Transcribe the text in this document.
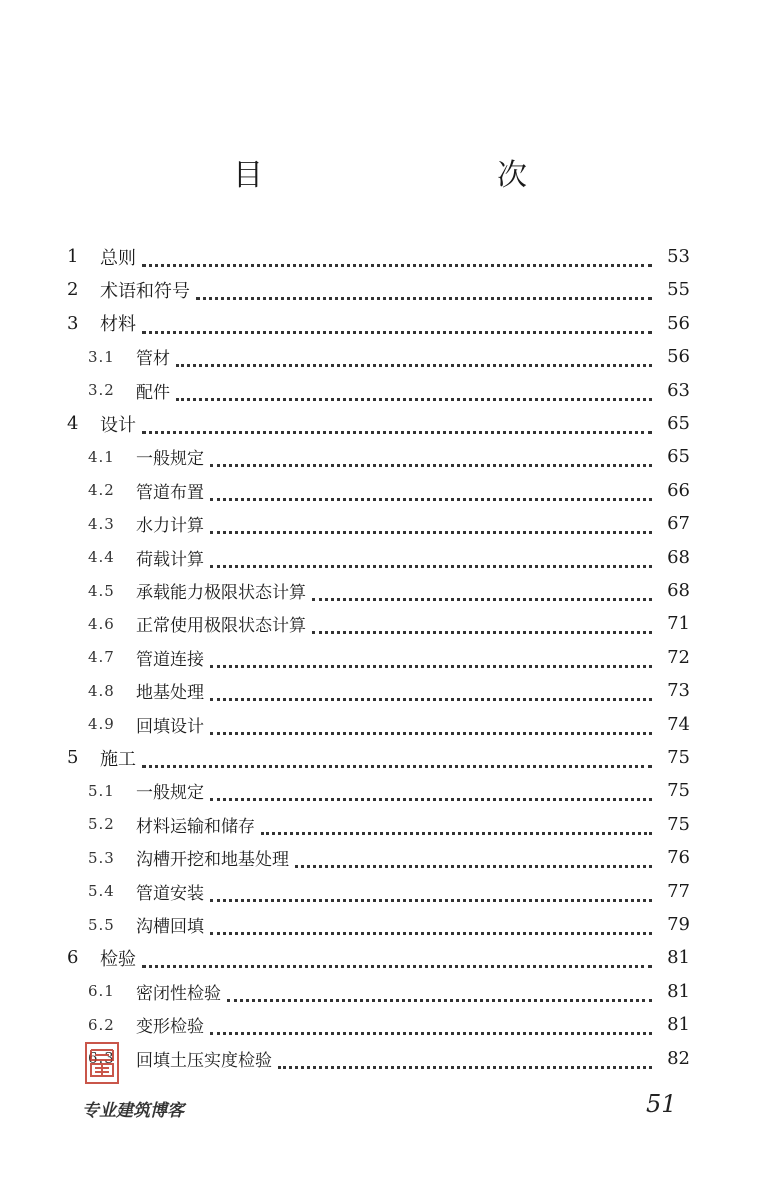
目　　次
1 总则	53
2 术语和符号	55
3 材料	56
3.1 管材	56
3.2 配件	63
4 设计	65
4.1 一般规定	65
4.2 管道布置	66
4.3 水力计算	67
4.4 荷载计算	68
4.5 承载能力极限状态计算	68
4.6 正常使用极限状态计算	71
4.7 管道连接	72
4.8 地基处理	73
4.9 回填设计	74
5 施工	75
5.1 一般规定	75
5.2 材料运输和储存	75
5.3 沟槽开挖和地基处理	76
5.4 管道安装	77
5.5 沟槽回填	79
6 检验	81
6.1 密闭性检验	81
6.2 变形检验	81
6.3 回填土压实度检验	82
专业建筑博客	51
